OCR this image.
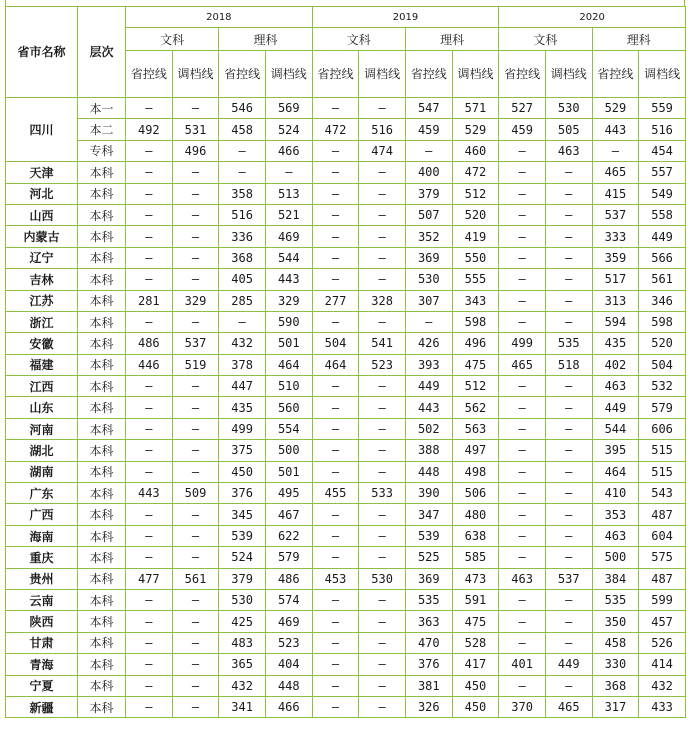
省市名称	层次	2018				2019				2020			
		文科		理科		文科		理科		文科		理科	
		省控线	调档线	省控线	调档线	省控线	调档线	省控线	调档线	省控线	调档线	省控线	调档线
四川	本一	—	—	546	569	—	—	547	571	527	530	529	559
	本二	492	531	458	524	472	516	459	529	459	505	443	516
	专科	—	496	—	466	—	474	—	460	—	463	—	454
天津	本科	—	—	—	—	—	—	400	472	—	—	465	557
河北	本科	—	—	358	513	—	—	379	512	—	—	415	549
山西	本科	—	—	516	521	—	—	507	520	—	—	537	558
内蒙古	本科	—	—	336	469	—	—	352	419	—	—	333	449
辽宁	本科	—	—	368	544	—	—	369	550	—	—	359	566
吉林	本科	—	—	405	443	—	—	530	555	—	—	517	561
江苏	本科	281	329	285	329	277	328	307	343	—	—	313	346
浙江	本科	—	—	—	590	—	—	—	598	—	—	594	598
安徽	本科	486	537	432	501	504	541	426	496	499	535	435	520
福建	本科	446	519	378	464	464	523	393	475	465	518	402	504
江西	本科	—	—	447	510	—	—	449	512	—	—	463	532
山东	本科	—	—	435	560	—	—	443	562	—	—	449	579
河南	本科	—	—	499	554	—	—	502	563	—	—	544	606
湖北	本科	—	—	375	500	—	—	388	497	—	—	395	515
湖南	本科	—	—	450	501	—	—	448	498	—	—	464	515
广东	本科	443	509	376	495	455	533	390	506	—	—	410	543
广西	本科	—	—	345	467	—	—	347	480	—	—	353	487
海南	本科	—	—	539	622	—	—	539	638	—	—	463	604
重庆	本科	—	—	524	579	—	—	525	585	—	—	500	575
贵州	本科	477	561	379	486	453	530	369	473	463	537	384	487
云南	本科	—	—	530	574	—	—	535	591	—	—	535	599
陕西	本科	—	—	425	469	—	—	363	475	—	—	350	457
甘肃	本科	—	—	483	523	—	—	470	528	—	—	458	526
青海	本科	—	—	365	404	—	—	376	417	401	449	330	414
宁夏	本科	—	—	432	448	—	—	381	450	—	—	368	432
新疆	本科	—	—	341	466	—	—	326	450	370	465	317	433
